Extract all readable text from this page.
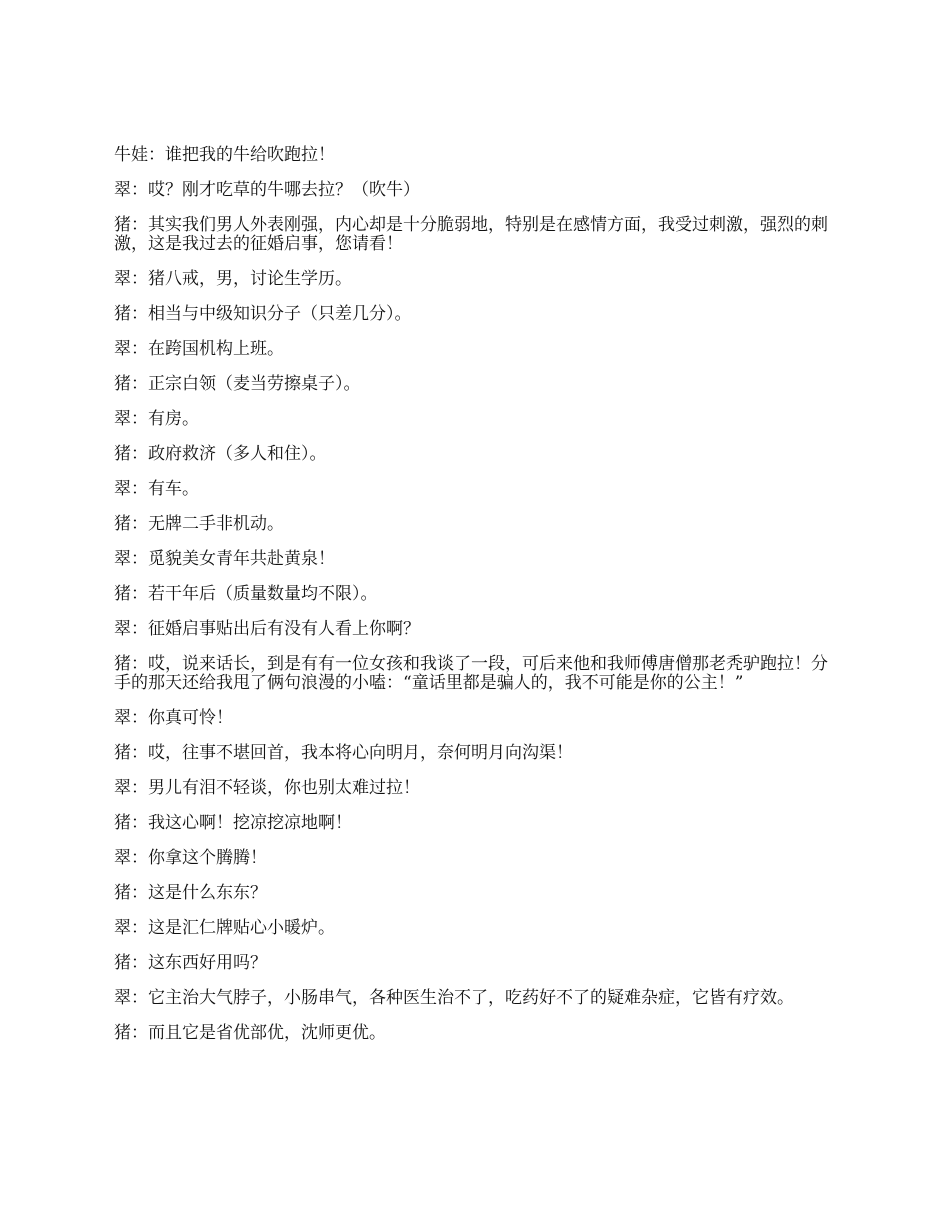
牛娃：谁把我的牛给吹跑拉！

翠：哎？刚才吃草的牛哪去拉？（吹牛）

猪：其实我们男人外表刚强，内心却是十分脆弱地，特别是在感情方面，我受过刺激，强烈的刺激，这是我过去的征婚启事，您请看！

翠：猪八戒，男，讨论生学历。

猪：相当与中级知识分子（只差几分）。

翠：在跨国机构上班。

猪：正宗白领（麦当劳擦桌子）。

翠：有房。

猪：政府救济（多人和住）。

翠：有车。

猪：无牌二手非机动。

翠：觅貌美女青年共赴黄泉！

猪：若干年后（质量数量均不限）。

翠：征婚启事贴出后有没有人看上你啊？

猪：哎，说来话长，到是有有一位女孩和我谈了一段，可后来他和我师傅唐僧那老秃驴跑拉！分手的那天还给我甩了俩句浪漫的小嗑：“童话里都是骗人的，我不可能是你的公主！”

翠：你真可怜！

猪：哎，往事不堪回首，我本将心向明月，奈何明月向沟渠！

翠：男儿有泪不轻谈，你也别太难过拉！

猪：我这心啊！挖凉挖凉地啊！

翠：你拿这个腾腾！

猪：这是什么东东？

翠：这是汇仁牌贴心小暖炉。

猪：这东西好用吗？

翠：它主治大气脖子，小肠串气，各种医生治不了，吃药好不了的疑难杂症，它皆有疗效。

猪：而且它是省优部优，沈师更优。
